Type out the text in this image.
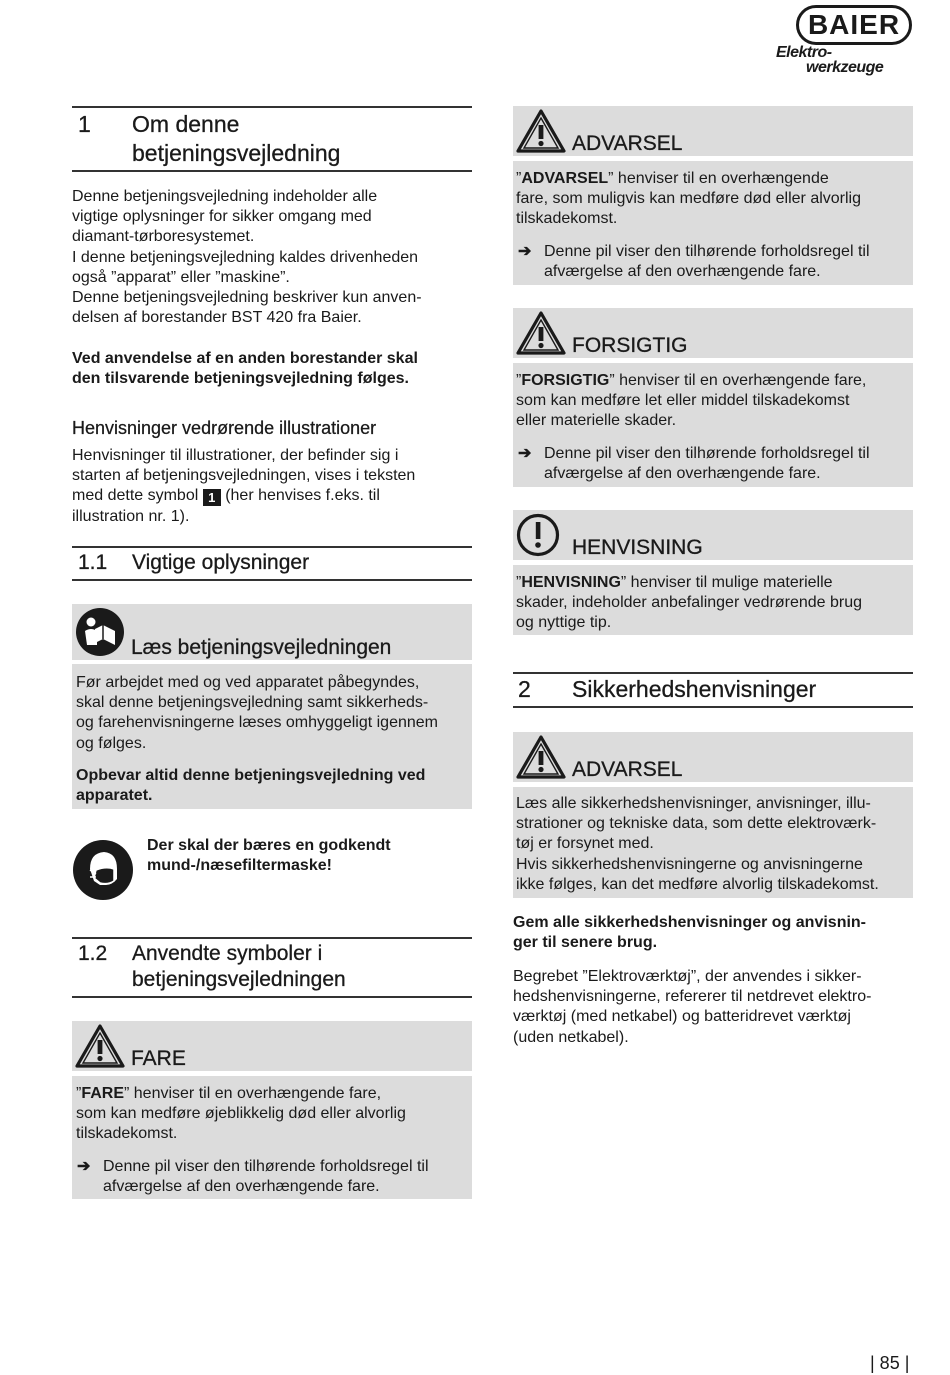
BAIER
Elektro-
werkzeuge
1 Om denne
betjeningsvejledning
Denne betjeningsvejledning indeholder alle
vigtige oplysninger for sikker omgang med
diamant-tørboresystemet.
I denne betjeningsvejledning kaldes drivenheden
også ”apparat” eller ”maskine”.
Denne betjeningsvejledning beskriver kun anven-
delsen af borestander BST 420 fra Baier.
Ved anvendelse af en anden borestander skal
den tilsvarende betjeningsvejledning følges.
Henvisninger vedrørende illustrationer
Henvisninger til illustrationer, der befinder sig i
starten af betjeningsvejledningen, vises i teksten
med dette symbol 1 (her henvises f.eks. til
illustration nr. 1).
1.1 Vigtige oplysninger
Læs betjeningsvejledningen
Før arbejdet med og ved apparatet påbegyndes,
skal denne betjeningsvejledning samt sikkerheds-
og farehenvisningerne læses omhyggeligt igennem
og følges.
Opbevar altid denne betjeningsvejledning ved
apparatet.
Der skal der bæres en godkendt
mund-/næsefiltermaske!
1.2 Anvendte symboler i
betjeningsvejledningen
FARE
”FARE” henviser til en overhængende fare,
som kan medføre øjeblikkelig død eller alvorlig
tilskadekomst.
➔ Denne pil viser den tilhørende forholdsregel til
afværgelse af den overhængende fare.
ADVARSEL
”ADVARSEL” henviser til en overhængende
fare, som muligvis kan medføre død eller alvorlig
tilskadekomst.
➔ Denne pil viser den tilhørende forholdsregel til
afværgelse af den overhængende fare.
FORSIGTIG
”FORSIGTIG” henviser til en overhængende fare,
som kan medføre let eller middel tilskadekomst
eller materielle skader.
➔ Denne pil viser den tilhørende forholdsregel til
afværgelse af den overhængende fare.
HENVISNING
”HENVISNING” henviser til mulige materielle
skader, indeholder anbefalinger vedrørende brug
og nyttige tip.
2 Sikkerhedshenvisninger
ADVARSEL
Læs alle sikkerhedshenvisninger, anvisninger, illu-
strationer og tekniske data, som dette elektroværk-
tøj er forsynet med.
Hvis sikkerhedshenvisningerne og anvisningerne
ikke følges, kan det medføre alvorlig tilskadekomst.
Gem alle sikkerhedshenvisninger og anvisnin-
ger til senere brug.
Begrebet ”Elektroværktøj”, der anvendes i sikker-
hedshenvisningerne, refererer til netdrevet elektro-
værktøj (med netkabel) og batteridrevet værktøj
(uden netkabel).
| 85 |
